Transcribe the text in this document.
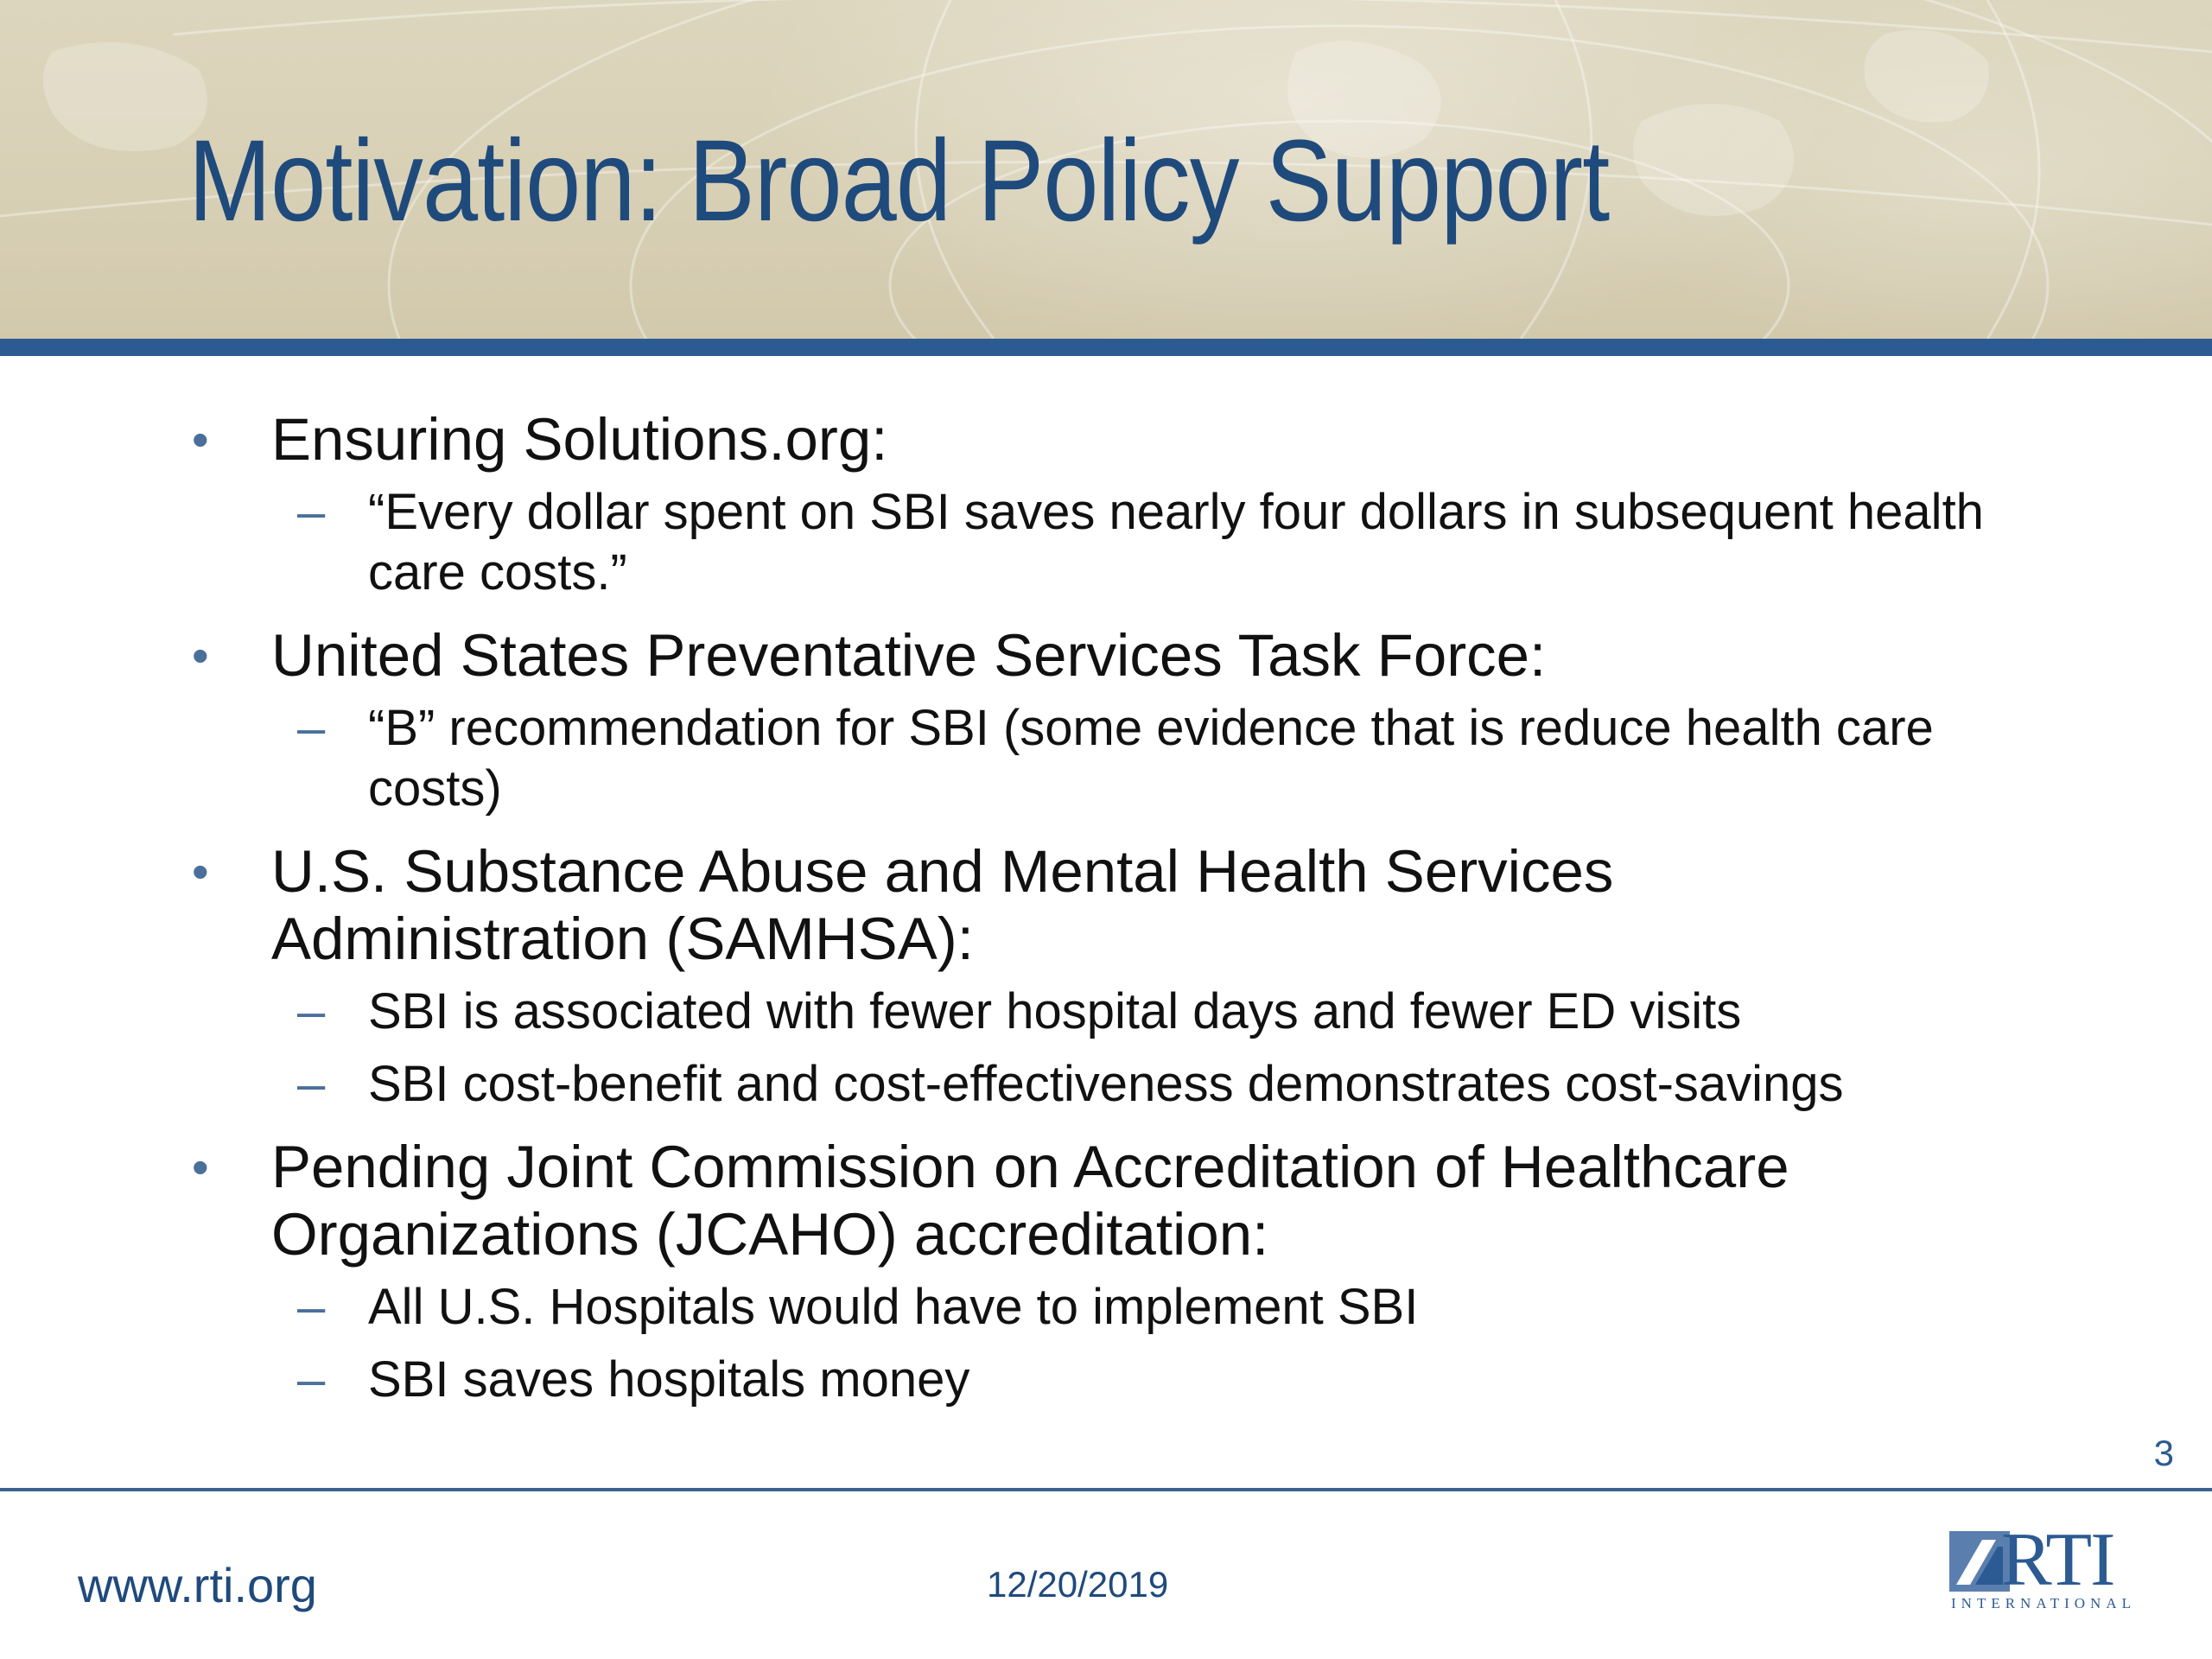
Motivation: Broad Policy Support
• Ensuring Solutions.org:
– “Every dollar spent on SBI saves nearly four dollars in subsequent health care costs.”
• United States Preventative Services Task Force:
– “B” recommendation for SBI (some evidence that is reduce health care costs)
• U.S. Substance Abuse and Mental Health Services Administration (SAMHSA):
– SBI is associated with fewer hospital days and fewer ED visits
– SBI cost-benefit and cost-effectiveness demonstrates cost-savings
• Pending Joint Commission on Accreditation of Healthcare Organizations (JCAHO) accreditation:
– All U.S. Hospitals would have to implement SBI
– SBI saves hospitals money
3
www.rti.org	12/20/2019	RTI
INTERNATIONAL
